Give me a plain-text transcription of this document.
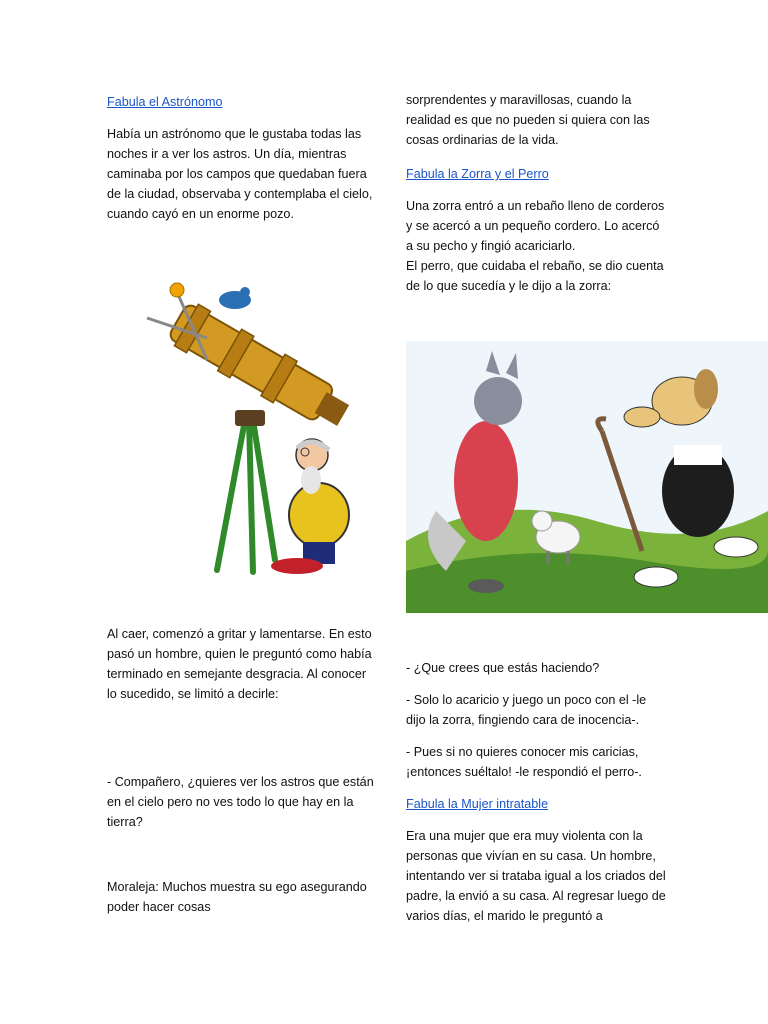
Fabula el Astrónomo

Había un astrónomo que le gustaba todas las noches ir a ver los astros. Un día, mientras caminaba por los campos que quedaban fuera de la ciudad, observaba y contemplaba el cielo, cuando cayó en un enorme pozo.

Al caer, comenzó a gritar y lamentarse. En esto pasó un hombre, quien le preguntó como había terminado en semejante desgracia. Al conocer lo sucedido, se limitó a decirle:

- Compañero, ¿quieres ver los astros que están en el cielo pero no ves todo lo que hay en la tierra?

Moraleja: Muchos muestra su ego asegurando poder hacer cosas

sorprendentes y maravillosas, cuando la realidad es que no pueden si quiera con las cosas ordinarias de la vida.

Fabula la Zorra y el Perro

Una zorra entró a un rebaño lleno de corderos y se acercó a un pequeño cordero. Lo acercó a su pecho y fingió acariciarlo.

El perro, que cuidaba el rebaño, se dio cuenta de lo que sucedía y le dijo a la zorra:

- ¿Que crees que estás haciendo?

- Solo lo acaricio y juego un poco con el -le dijo la zorra, fingiendo cara de inocencia-.

- Pues si no quieres conocer mis caricias, ¡entonces suéltalo! -le respondió el perro-.

Fabula la Mujer intratable

Era una mujer que era muy violenta con la personas que vivían en su casa. Un hombre, intentando ver si trataba igual a los criados del padre, la envió a su casa. Al regresar luego de varios días, el marido le preguntó a
